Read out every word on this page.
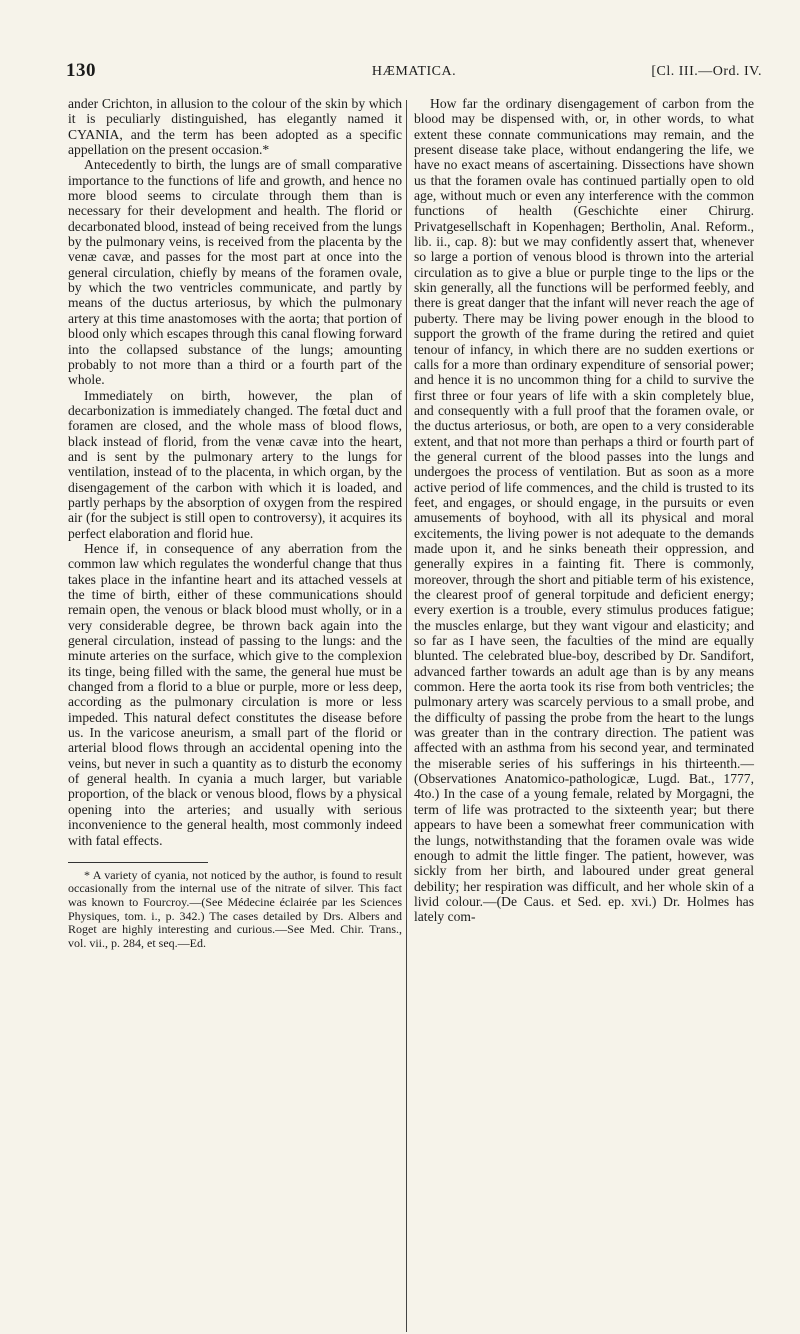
130	HÆMATICA.	[Cl. III.—Ord. IV.

ander Crichton, in allusion to the colour of the skin by which it is peculiarly distinguished, has elegantly named it CYANIA, and the term has been adopted as a specific appellation on the present occasion.*

Antecedently to birth, the lungs are of small comparative importance to the functions of life and growth, and hence no more blood seems to circulate through them than is necessary for their development and health. The florid or decarbonated blood, instead of being received from the lungs by the pulmonary veins, is received from the placenta by the venæ cavæ, and passes for the most part at once into the general circulation, chiefly by means of the foramen ovale, by which the two ventricles communicate, and partly by means of the ductus arteriosus, by which the pulmonary artery at this time anastomoses with the aorta; that portion of blood only which escapes through this canal flowing forward into the collapsed substance of the lungs; amounting probably to not more than a third or a fourth part of the whole.

Immediately on birth, however, the plan of decarbonization is immediately changed. The fœtal duct and foramen are closed, and the whole mass of blood flows, black instead of florid, from the venæ cavæ into the heart, and is sent by the pulmonary artery to the lungs for ventilation, instead of to the placenta, in which organ, by the disengagement of the carbon with which it is loaded, and partly perhaps by the absorption of oxygen from the respired air (for the subject is still open to controversy), it acquires its perfect elaboration and florid hue.

Hence if, in consequence of any aberration from the common law which regulates the wonderful change that thus takes place in the infantine heart and its attached vessels at the time of birth, either of these communications should remain open, the venous or black blood must wholly, or in a very considerable degree, be thrown back again into the general circulation, instead of passing to the lungs: and the minute arteries on the surface, which give to the complexion its tinge, being filled with the same, the general hue must be changed from a florid to a blue or purple, more or less deep, according as the pulmonary circulation is more or less impeded. This natural defect constitutes the disease before us. In the varicose aneurism, a small part of the florid or arterial blood flows through an accidental opening into the veins, but never in such a quantity as to disturb the economy of general health. In cyania a much larger, but variable proportion, of the black or venous blood, flows by a physical opening into the arteries; and usually with serious inconvenience to the general health, most commonly indeed with fatal effects.

* A variety of cyania, not noticed by the author, is found to result occasionally from the internal use of the nitrate of silver. This fact was known to Fourcroy.—(See Médecine éclairée par les Sciences Physiques, tom. i., p. 342.) The cases detailed by Drs. Albers and Roget are highly interesting and curious.—See Med. Chir. Trans., vol. vii., p. 284, et seq.—Ed.

How far the ordinary disengagement of carbon from the blood may be dispensed with, or, in other words, to what extent these connate communications may remain, and the present disease take place, without endangering the life, we have no exact means of ascertaining. Dissections have shown us that the foramen ovale has continued partially open to old age, without much or even any interference with the common functions of health (Geschichte einer Chirurg. Privatgesellschaft in Kopenhagen; Bertholin, Anal. Reform., lib. ii., cap. 8): but we may confidently assert that, whenever so large a portion of venous blood is thrown into the arterial circulation as to give a blue or purple tinge to the lips or the skin generally, all the functions will be performed feebly, and there is great danger that the infant will never reach the age of puberty. There may be living power enough in the blood to support the growth of the frame during the retired and quiet tenour of infancy, in which there are no sudden exertions or calls for a more than ordinary expenditure of sensorial power; and hence it is no uncommon thing for a child to survive the first three or four years of life with a skin completely blue, and consequently with a full proof that the foramen ovale, or the ductus arteriosus, or both, are open to a very considerable extent, and that not more than perhaps a third or fourth part of the general current of the blood passes into the lungs and undergoes the process of ventilation. But as soon as a more active period of life commences, and the child is trusted to its feet, and engages, or should engage, in the pursuits or even amusements of boyhood, with all its physical and moral excitements, the living power is not adequate to the demands made upon it, and he sinks beneath their oppression, and generally expires in a fainting fit. There is commonly, moreover, through the short and pitiable term of his existence, the clearest proof of general torpitude and deficient energy; every exertion is a trouble, every stimulus produces fatigue; the muscles enlarge, but they want vigour and elasticity; and so far as I have seen, the faculties of the mind are equally blunted. The celebrated blue-boy, described by Dr. Sandifort, advanced farther towards an adult age than is by any means common. Here the aorta took its rise from both ventricles; the pulmonary artery was scarcely pervious to a small probe, and the difficulty of passing the probe from the heart to the lungs was greater than in the contrary direction. The patient was affected with an asthma from his second year, and terminated the miserable series of his sufferings in his thirteenth.—(Observationes Anatomico-pathologicæ, Lugd. Bat., 1777, 4to.) In the case of a young female, related by Morgagni, the term of life was protracted to the sixteenth year; but there appears to have been a somewhat freer communication with the lungs, notwithstanding that the foramen ovale was wide enough to admit the little finger. The patient, however, was sickly from her birth, and laboured under great general debility; her respiration was difficult, and her whole skin of a livid colour.—(De Caus. et Sed. ep. xvi.) Dr. Holmes has lately com-
